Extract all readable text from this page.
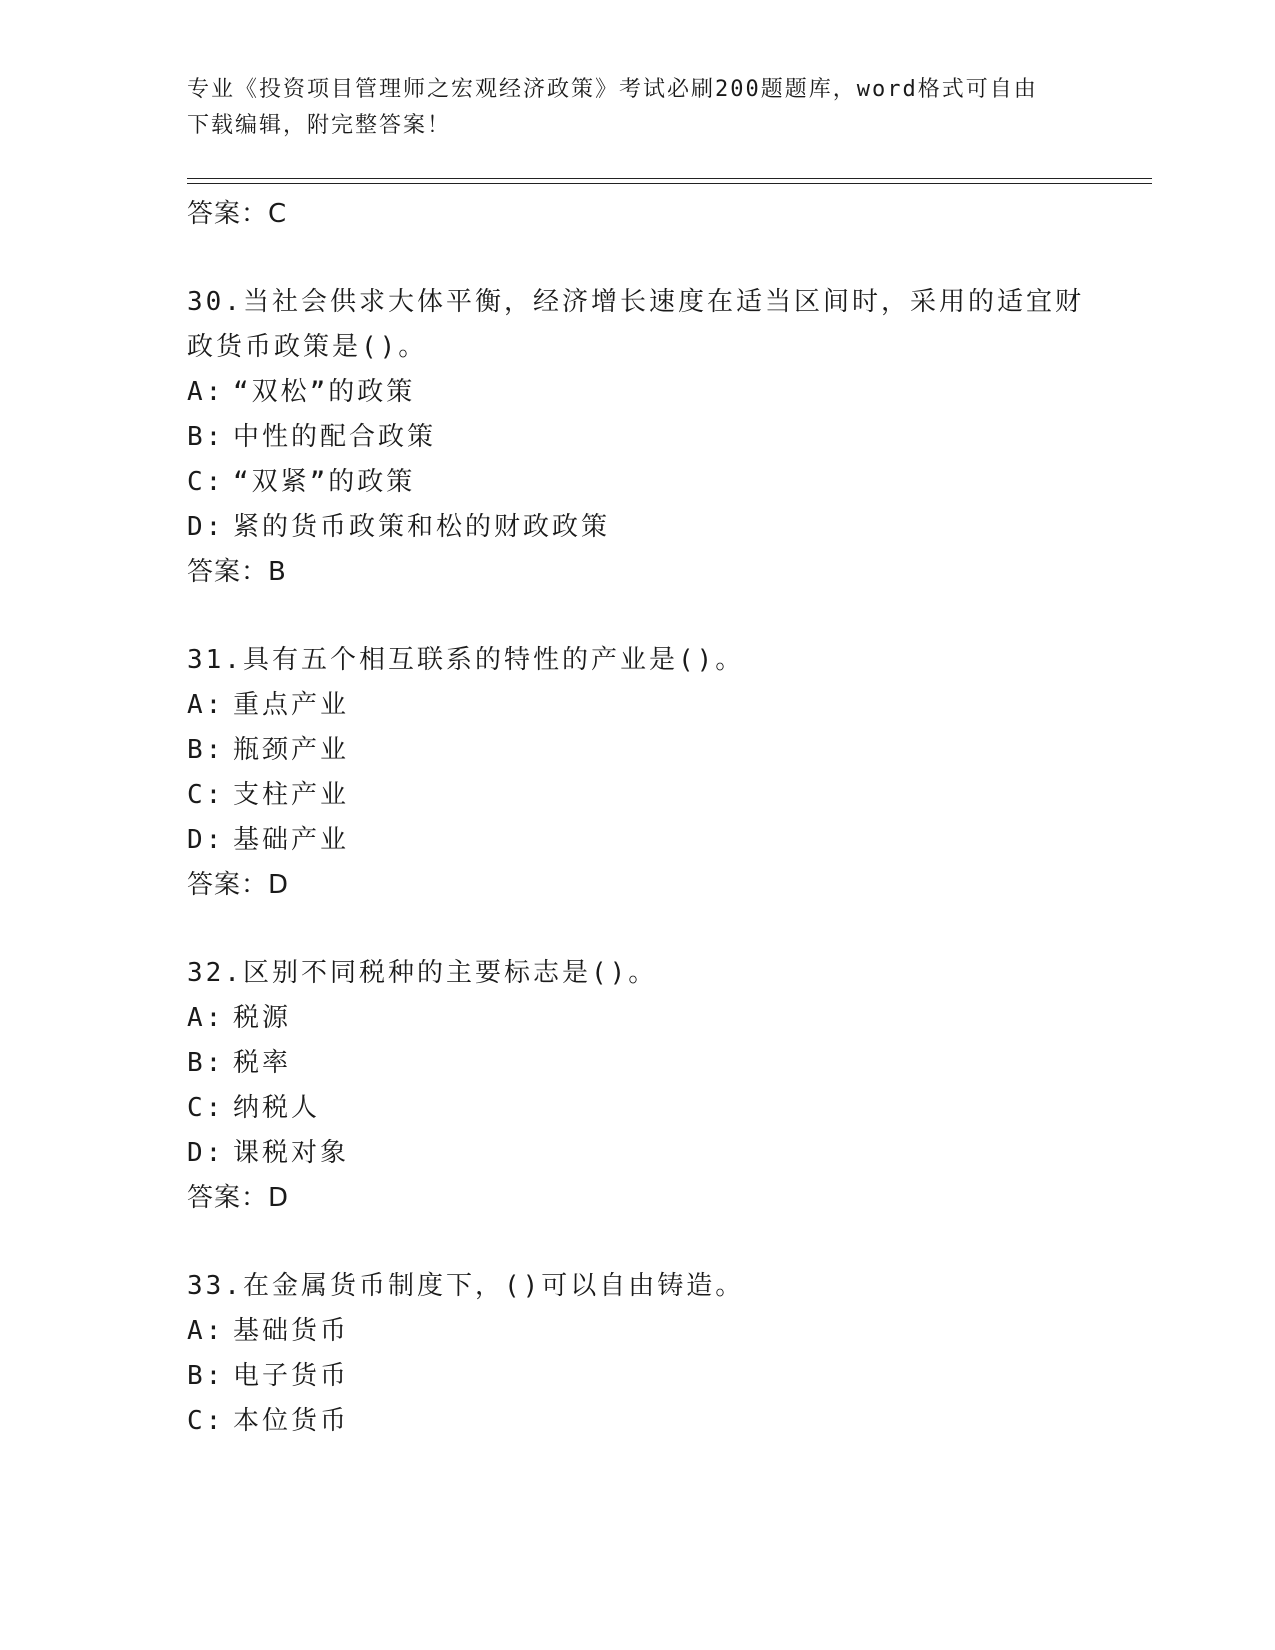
专业《投资项目管理师之宏观经济政策》考试必刷200题题库，word格式可自由
下载编辑，附完整答案！
答案：C
30.当社会供求大体平衡，经济增长速度在适当区间时，采用的适宜财
政货币政策是()。
A: “双松”的政策
B: 中性的配合政策
C: “双紧”的政策
D: 紧的货币政策和松的财政政策
答案：B
31.具有五个相互联系的特性的产业是()。
A: 重点产业
B: 瓶颈产业
C: 支柱产业
D: 基础产业
答案：D
32.区别不同税种的主要标志是()。
A: 税源
B: 税率
C: 纳税人
D: 课税对象
答案：D
33.在金属货币制度下，()可以自由铸造。
A: 基础货币
B: 电子货币
C: 本位货币
